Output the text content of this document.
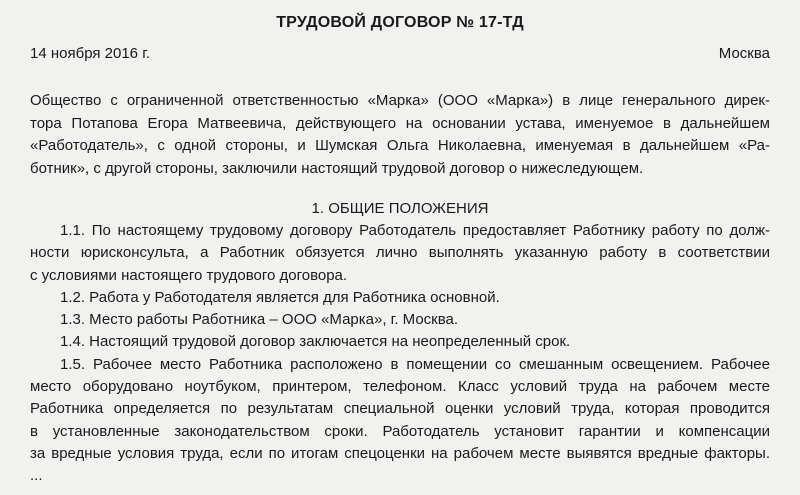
ТРУДОВОЙ ДОГОВОР № 17-ТД
14 ноября 2016 г.	Москва
Общество с ограниченной ответственностью «Марка» (ООО «Марка») в лице генерального дирек-
тора Потапова Егора Матвеевича, действующего на основании устава, именуемое в дальнейшем
«Работодатель», с одной стороны, и Шумская Ольга Николаевна, именуемая в дальнейшем «Ра-
ботник», с другой стороны, заключили настоящий трудовой договор о нижеследующем.
1. ОБЩИЕ ПОЛОЖЕНИЯ
1.1. По настоящему трудовому договору Работодатель предоставляет Работнику работу по долж-
ности юрисконсульта, а Работник обязуется лично выполнять указанную работу в соответствии
с условиями настоящего трудового договора.
1.2. Работа у Работодателя является для Работника основной.
1.3. Место работы Работника – ООО «Марка», г. Москва.
1.4. Настоящий трудовой договор заключается на неопределенный срок.
1.5. Рабочее место Работника расположено в помещении со смешанным освещением. Рабочее
место оборудовано ноутбуком, принтером, телефоном. Класс условий труда на рабочем месте
Работника определяется по результатам специальной оценки условий труда, которая проводится
в установленные законодательством сроки. Работодатель установит гарантии и компенсации
за вредные условия труда, если по итогам спецоценки на рабочем месте выявятся вредные факторы.
...
